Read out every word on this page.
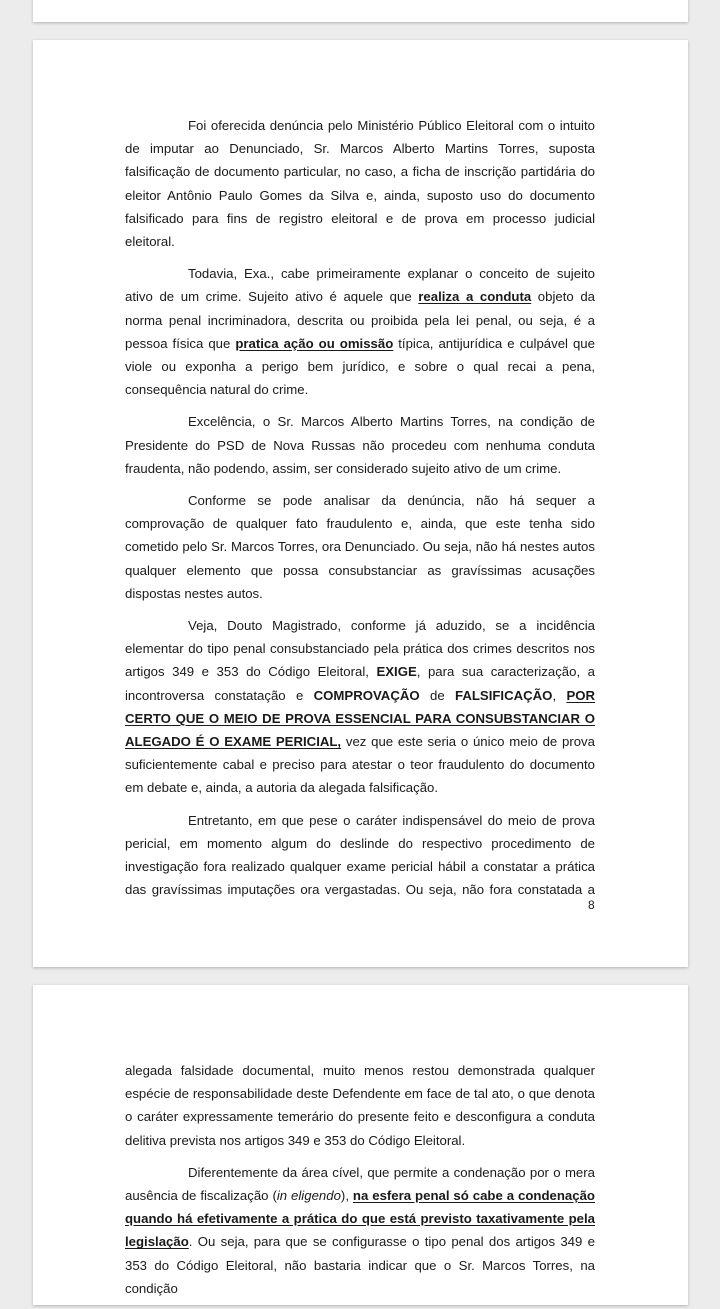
Foi oferecida denúncia pelo Ministério Público Eleitoral com o intuito de imputar ao Denunciado, Sr. Marcos Alberto Martins Torres, suposta falsificação de documento particular, no caso, a ficha de inscrição partidária do eleitor Antônio Paulo Gomes da Silva e, ainda, suposto uso do documento falsificado para fins de registro eleitoral e de prova em processo judicial eleitoral.

Todavia, Exa., cabe primeiramente explanar o conceito de sujeito ativo de um crime. Sujeito ativo é aquele que realiza a conduta objeto da norma penal incriminadora, descrita ou proibida pela lei penal, ou seja, é a pessoa física que pratica ação ou omissão típica, antijurídica e culpável que viole ou exponha a perigo bem jurídico, e sobre o qual recai a pena, consequência natural do crime.

Excelência, o Sr. Marcos Alberto Martins Torres, na condição de Presidente do PSD de Nova Russas não procedeu com nenhuma conduta fraudenta, não podendo, assim, ser considerado sujeito ativo de um crime.

Conforme se pode analisar da denúncia, não há sequer a comprovação de qualquer fato fraudulento e, ainda, que este tenha sido cometido pelo Sr. Marcos Torres, ora Denunciado. Ou seja, não há nestes autos qualquer elemento que possa consubstanciar as gravíssimas acusações dispostas nestes autos.

Veja, Douto Magistrado, conforme já aduzido, se a incidência elementar do tipo penal consubstanciado pela prática dos crimes descritos nos artigos 349 e 353 do Código Eleitoral, EXIGE, para sua caracterização, a incontroversa constatação e COMPROVAÇÃO de FALSIFICAÇÃO, POR CERTO QUE O MEIO DE PROVA ESSENCIAL PARA CONSUBSTANCIAR O ALEGADO É O EXAME PERICIAL, vez que este seria o único meio de prova suficientemente cabal e preciso para atestar o teor fraudulento do documento em debate e, ainda, a autoria da alegada falsificação.

Entretanto, em que pese o caráter indispensável do meio de prova pericial, em momento algum do deslinde do respectivo procedimento de investigação fora realizado qualquer exame pericial hábil a constatar a prática das gravíssimas imputações ora vergastadas. Ou seja, não fora constatada a

8

alegada falsidade documental, muito menos restou demonstrada qualquer espécie de responsabilidade deste Defendente em face de tal ato, o que denota o caráter expressamente temerário do presente feito e desconfigura a conduta delitiva prevista nos artigos 349 e 353 do Código Eleitoral.

Diferentemente da área cível, que permite a condenação por o mera ausência de fiscalização (in eligendo), na esfera penal só cabe a condenação quando há efetivamente a prática do que está previsto taxativamente pela legislação. Ou seja, para que se configurasse o tipo penal dos artigos 349 e 353 do Código Eleitoral, não bastaria indicar que o Sr. Marcos Torres, na condição
